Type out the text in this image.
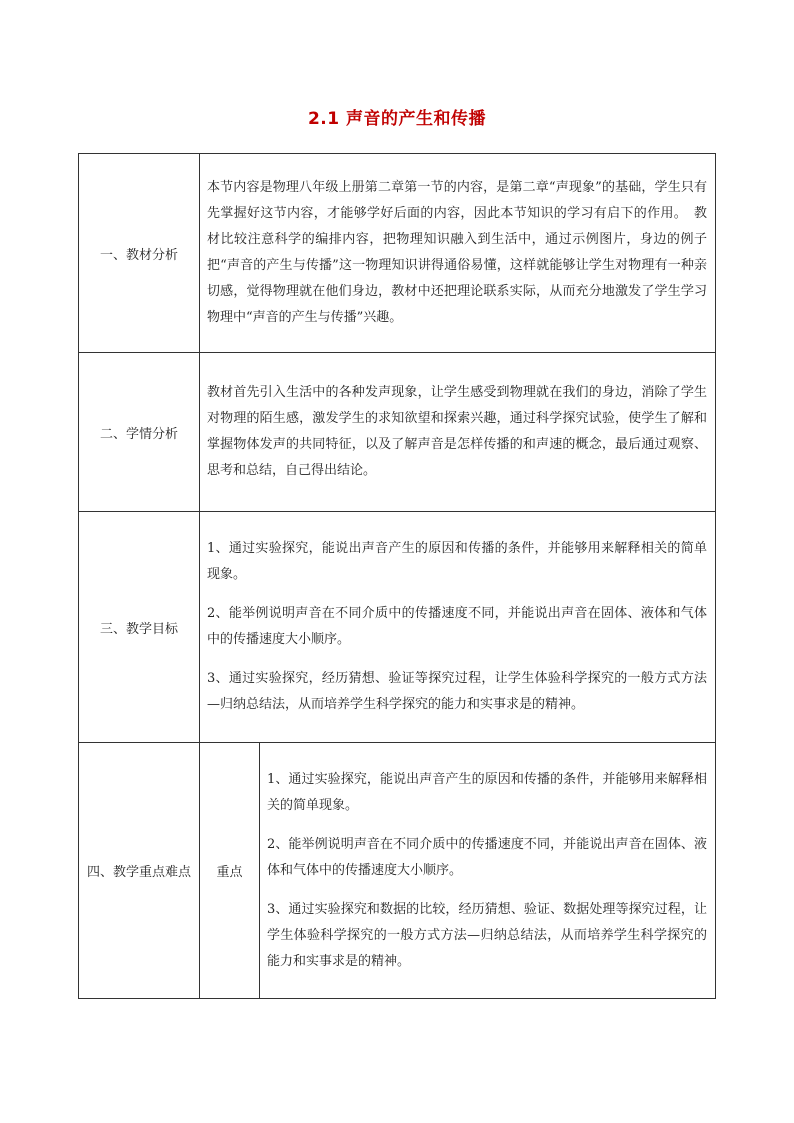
2.1 声音的产生和传播
一、教材分析	本节内容是物理八年级上册第二章第一节的内容，是第二章“声现象”的基础，学生只有先掌握好这节内容，才能够学好后面的内容，因此本节知识的学习有启下的作用。　教材比较注意科学的编排内容，把物理知识融入到生活中，通过示例图片，身边的例子把“声音的产生与传播”这一物理知识讲得通俗易懂，这样就能够让学生对物理有一种亲切感，觉得物理就在他们身边，教材中还把理论联系实际，从而充分地激发了学生学习物理中“声音的产生与传播”兴趣。	

二、学情分析	教材首先引入生活中的各种发声现象，让学生感受到物理就在我们的身边，消除了学生对物理的陌生感，激发学生的求知欲望和探索兴趣，通过科学探究试验，使学生了解和掌握物体发声的共同特征，以及了解声音是怎样传播的和声速的概念，最后通过观察、思考和总结，自己得出结论。	

三、教学目标	1、通过实验探究，能说出声音产生的原因和传播的条件，并能够用来解释相关的简单现象。

2、能举例说明声音在不同介质中的传播速度不同，并能说出声音在固体、液体和气体中的传播速度大小顺序。

3、通过实验探究，经历猜想、验证等探究过程，让学生体验科学探究的一般方式方法—归纳总结法，从而培养学生科学探究的能力和实事求是的精神。	

四、教学重点难点	重点	1、通过实验探究，能说出声音产生的原因和传播的条件，并能够用来解释相关的简单现象。

2、能举例说明声音在不同介质中的传播速度不同，并能说出声音在固体、液体和气体中的传播速度大小顺序。

3、通过实验探究和数据的比较，经历猜想、验证、数据处理等探究过程，让学生体验科学探究的一般方式方法—归纳总结法，从而培养学生科学探究的能力和实事求是的精神。
